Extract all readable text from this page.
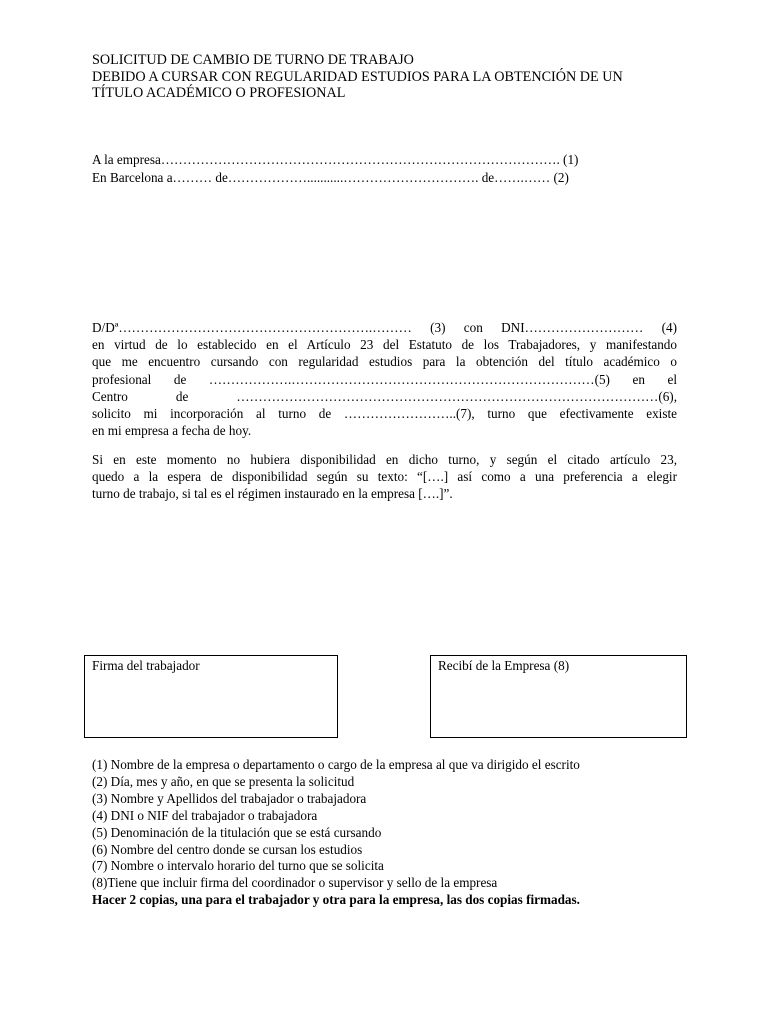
SOLICITUD DE CAMBIO DE TURNO DE TRABAJO
DEBIDO A CURSAR CON REGULARIDAD ESTUDIOS PARA LA OBTENCIÓN DE UN
TÍTULO ACADÉMICO O PROFESIONAL
A la empresa………………………………………………………………………………. (1)
En Barcelona a……… de………………...........…………………………. de…….…… (2)
D/Dª………………………………………………….……… (3) con DNI……………………… (4)
en virtud de lo establecido en el Artículo 23 del Estatuto de los Trabajadores, y manifestando
que me encuentro cursando con regularidad estudios para la obtención del título académico o
profesional de ……………….……………………………………………………………(5) en el
Centro de ……………………………………………………………………………………(6),
solicito mi incorporación al turno de ……………………..(7), turno que efectivamente existe
en mi empresa a fecha de hoy.
Si en este momento no hubiera disponibilidad en dicho turno, y según el citado artículo 23,
quedo a la espera de disponibilidad según su texto: “[….] así como a una preferencia a elegir
turno de trabajo, si tal es el régimen instaurado en la empresa [….]”.
Firma del trabajador	Recibí de la Empresa (8)
(1) Nombre de la empresa o departamento o cargo de la empresa al que va dirigido el escrito
(2) Día, mes y año, en que se presenta la solicitud
(3) Nombre y Apellidos del trabajador o trabajadora
(4) DNI o NIF del trabajador o trabajadora
(5) Denominación de la titulación que se está cursando
(6) Nombre del centro donde se cursan los estudios
(7) Nombre o intervalo horario del turno que se solicita
(8)Tiene que incluir firma del coordinador o supervisor y sello de la empresa
Hacer 2 copias, una para el trabajador y otra para la empresa, las dos copias firmadas.
